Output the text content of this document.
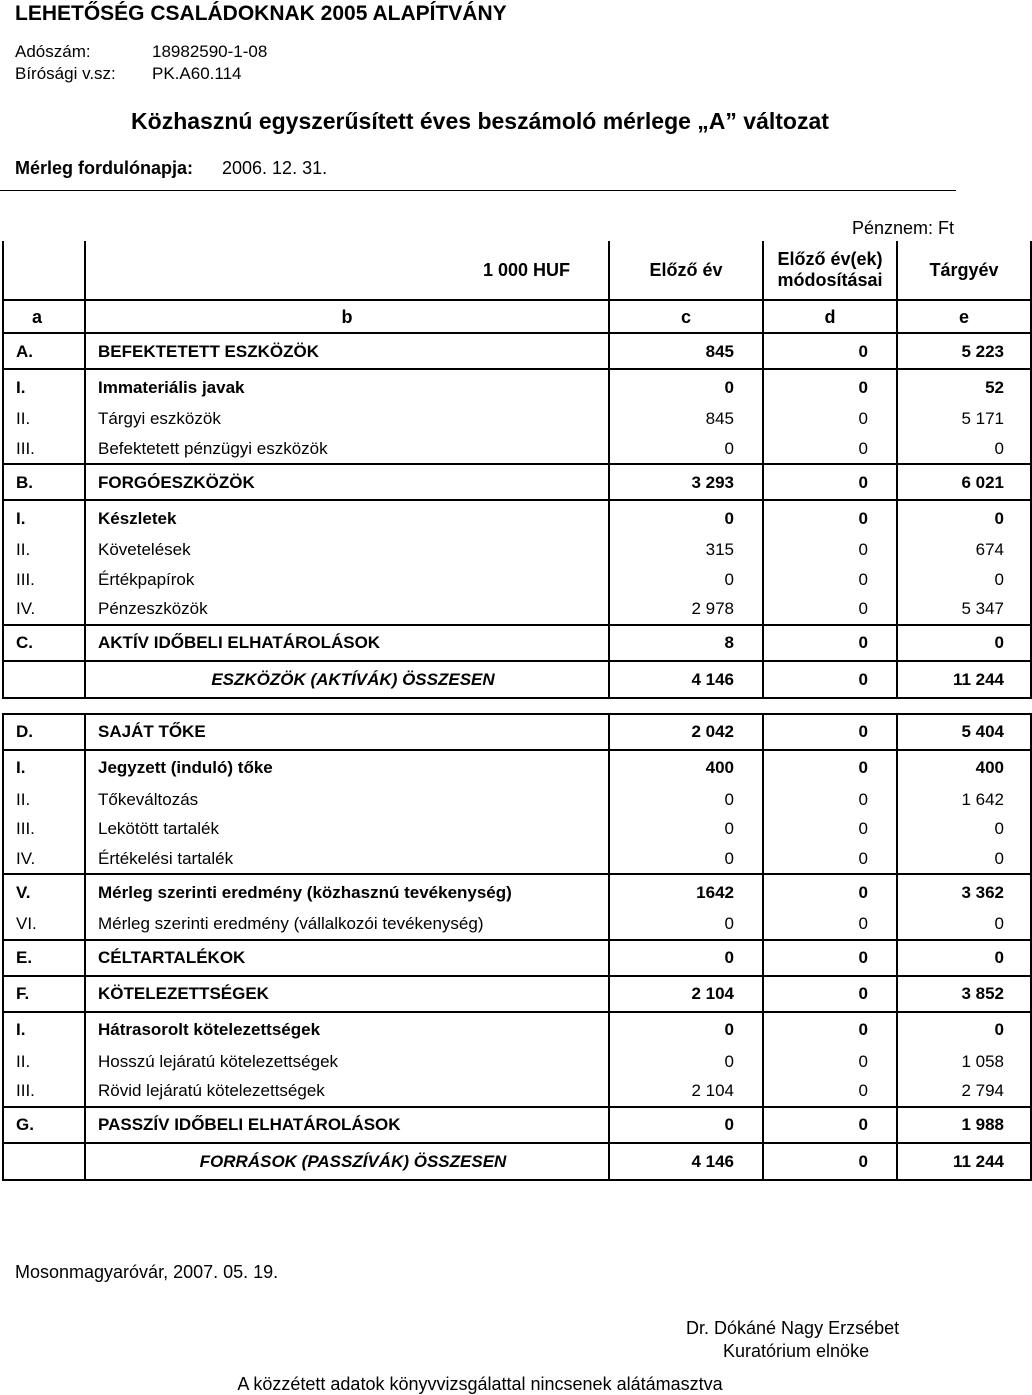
LEHETŐSÉG CSALÁDOKNAK 2005 ALAPÍTVÁNY
Adószám:	18982590-1-08
Bírósági v.sz: PK.A60.114
Közhasznú egyszerűsített éves beszámoló mérlege „A” változat
Mérleg fordulónapja: 2006. 12. 31.
Pénznem: Ft
	1 000 HUF	Előző év	Előző év(ek)
módosításai	Tárgyév
a	b	c	d	e
A.	BEFEKTETETT ESZKÖZÖK	845	0	5 223
I.	Immateriális javak	0	0	52
II.	Tárgyi eszközök	845	0	5 171
III.	Befektetett pénzügyi eszközök	0	0	0
B.	FORGÓESZKÖZÖK	3 293	0	6 021
I.	Készletek	0	0	0
II.	Követelések	315	0	674
III.	Értékpapírok	0	0	0
IV.	Pénzeszközök	2 978	0	5 347
C.	AKTÍV IDŐBELI ELHATÁROLÁSOK	8	0	0
	ESZKÖZÖK (AKTÍVÁK) ÖSSZESEN	4 146	0	11 244

D.	SAJÁT TŐKE	2 042	0	5 404
I.	Jegyzett (induló) tőke	400	0	400
II.	Tőkeváltozás	0	0	1 642
III.	Lekötött tartalék	0	0	0
IV.	Értékelési tartalék	0	0	0
V.	Mérleg szerinti eredmény (közhasznú tevékenység)	1642	0	3 362
VI.	Mérleg szerinti eredmény (vállalkozói tevékenység)	0	0	0
E.	CÉLTARTALÉKOK	0	0	0
F.	KÖTELEZETTSÉGEK	2 104	0	3 852
I.	Hátrasorolt kötelezettségek	0	0	0
II.	Hosszú lejáratú kötelezettségek	0	0	1 058
III.	Rövid lejáratú kötelezettségek	2 104	0	2 794
G.	PASSZÍV IDŐBELI ELHATÁROLÁSOK	0	0	1 988
	FORRÁSOK (PASSZÍVÁK) ÖSSZESEN	4 146	0	11 244
Mosonmagyaróvár, 2007. 05. 19.
Dr. Dókáné Nagy Erzsébet
Kuratórium elnöke
A közzétett adatok könyvvizsgálattal nincsenek alátámasztva
